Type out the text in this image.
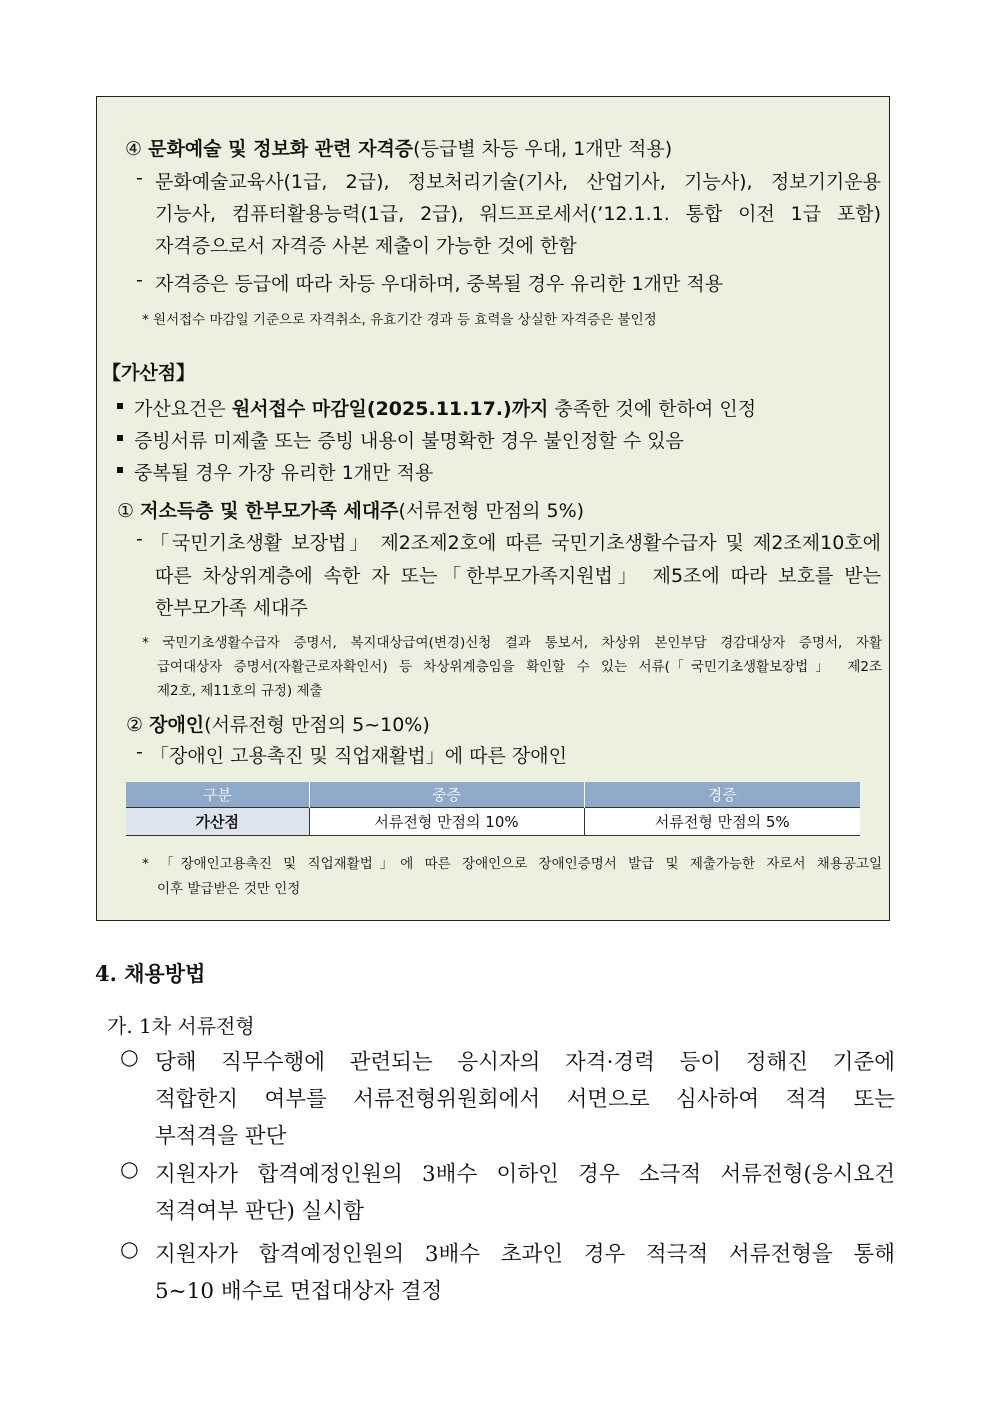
④ 문화예술 및 정보화 관련 자격증(등급별 차등 우대, 1개만 적용)
- 문화예술교육사(1급, 2급), 정보처리기술(기사, 산업기사, 기능사), 정보기기운용
기능사, 컴퓨터활용능력(1급, 2급), 워드프로세서(’12.1.1. 통합 이전 1급 포함)
자격증으로서 자격증 사본 제출이 가능한 것에 한함
- 자격증은 등급에 따라 차등 우대하며, 중복될 경우 유리한 1개만 적용
* 원서접수 마감일 기준으로 자격취소, 유효기간 경과 등 효력을 상실한 자격증은 불인정
【가산점】
가산요건은 원서접수 마감일(2025.11.17.)까지 충족한 것에 한하여 인정
증빙서류 미제출 또는 증빙 내용이 불명확한 경우 불인정할 수 있음
중복될 경우 가장 유리한 1개만 적용
① 저소득층 및 한부모가족 세대주(서류전형 만점의 5%)
- 「국민기초생활 보장법」 제2조제2호에 따른 국민기초생활수급자 및 제2조제10호에
따른 차상위계층에 속한 자 또는「한부모가족지원법」 제5조에 따라 보호를 받는
한부모가족 세대주
* 국민기초생활수급자 증명서, 복지대상급여(변경)신청 결과 통보서, 차상위 본인부담 경감대상자 증명서, 자활
급여대상자 증명서(자활근로자확인서) 등 차상위계층임을 확인할 수 있는 서류(「국민기초생활보장법」 제2조
제2호, 제11호의 규정) 제출
② 장애인(서류전형 만점의 5~10%)
- 「장애인 고용촉진 및 직업재활법」에 따른 장애인
구분	중증	경증
가산점	서류전형 만점의 10%	서류전형 만점의 5%
* 「장애인고용촉진 및 직업재활법」에 따른 장애인으로 장애인증명서 발급 및 제출가능한 자로서 채용공고일
이후 발급받은 것만 인정
4. 채용방법
가. 1차 서류전형
○ 당해 직무수행에 관련되는 응시자의 자격·경력 등이 정해진 기준에
적합한지 여부를 서류전형위원회에서 서면으로 심사하여 적격 또는
부적격을 판단
○ 지원자가 합격예정인원의 3배수 이하인 경우 소극적 서류전형(응시요건
적격여부 판단) 실시함
○ 지원자가 합격예정인원의 3배수 초과인 경우 적극적 서류전형을 통해
5~10 배수로 면접대상자 결정
